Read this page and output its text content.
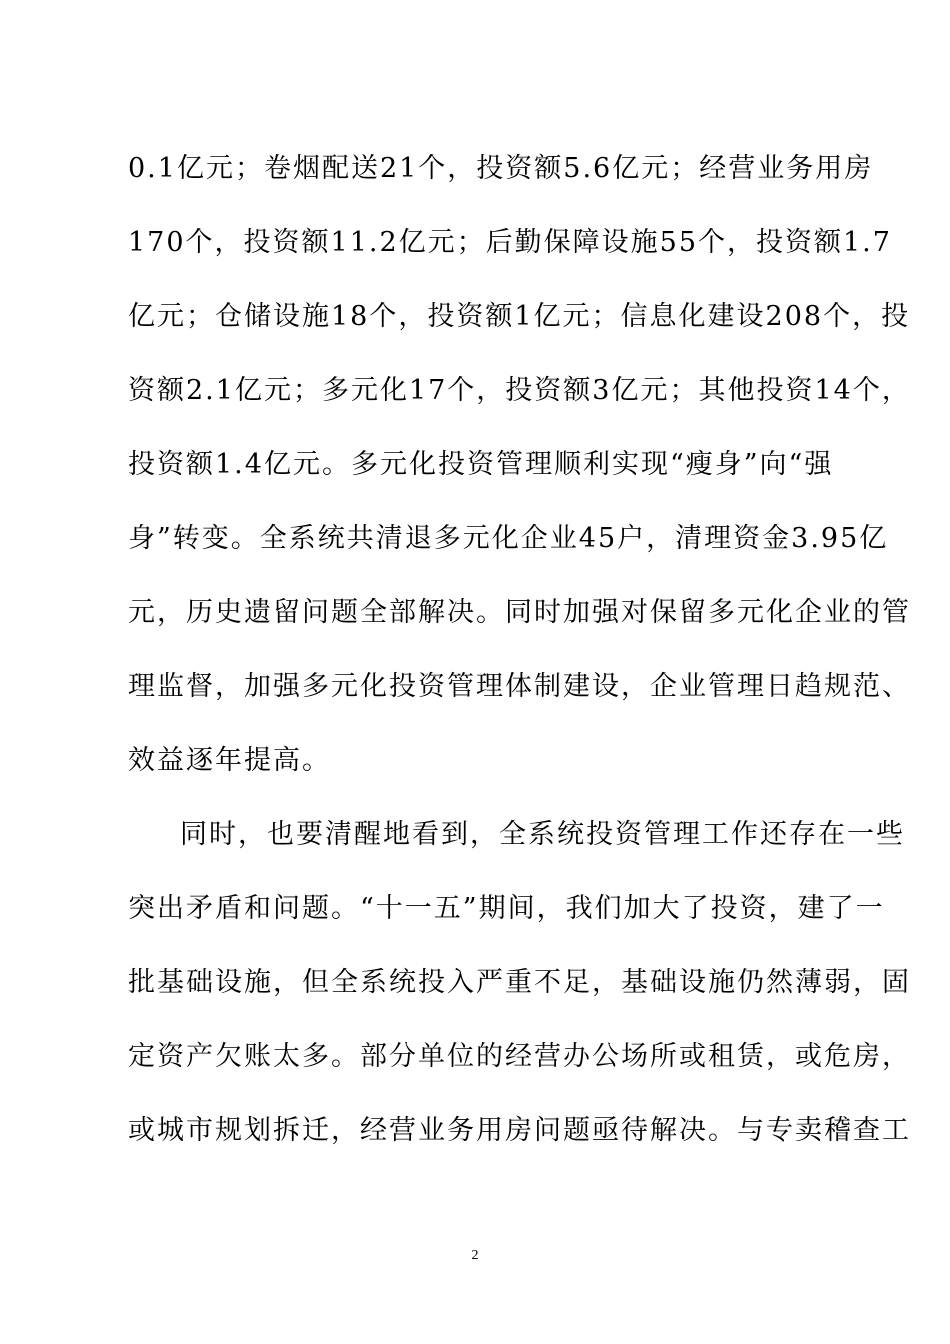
0.1亿元；卷烟配送21个，投资额5.6亿元；经营业务用房
170个，投资额11.2亿元；后勤保障设施55个，投资额1.7
亿元；仓储设施18个，投资额1亿元；信息化建设208个，投
资额2.1亿元；多元化17个，投资额3亿元；其他投资14个，
投资额1.4亿元。多元化投资管理顺利实现“瘦身”向“强
身”转变。全系统共清退多元化企业45户，清理资金3.95亿
元，历史遗留问题全部解决。同时加强对保留多元化企业的管
理监督，加强多元化投资管理体制建设，企业管理日趋规范、
效益逐年提高。
同时，也要清醒地看到，全系统投资管理工作还存在一些
突出矛盾和问题。“十一五”期间，我们加大了投资，建了一
批基础设施，但全系统投入严重不足，基础设施仍然薄弱，固
定资产欠账太多。部分单位的经营办公场所或租赁，或危房，
或城市规划拆迁，经营业务用房问题亟待解决。与专卖稽查工
2
